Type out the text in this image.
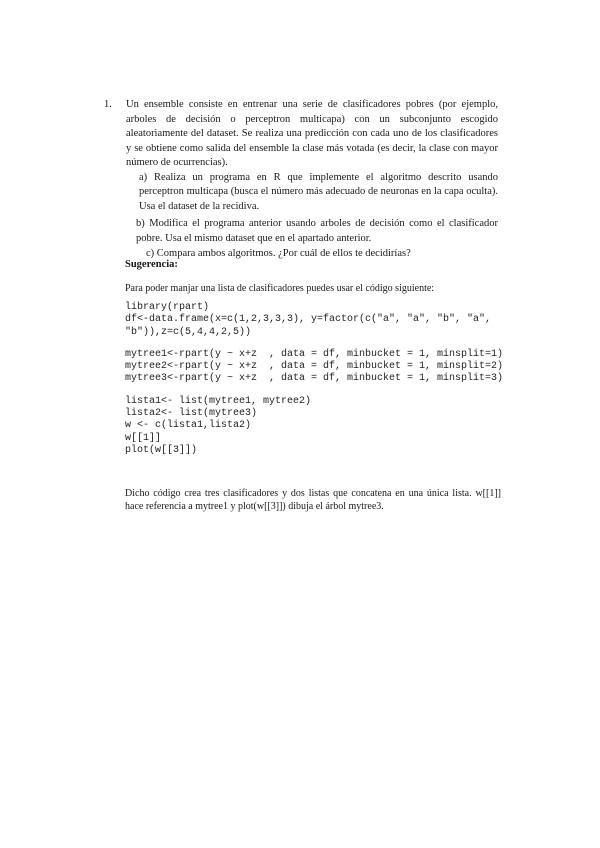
1. Un ensemble consiste en entrenar una serie de clasificadores pobres (por ejemplo, arboles de decisión o perceptron multicapa) con un subconjunto escogido aleatoriamente del dataset. Se realiza una predicción con cada uno de los clasificadores y se obtiene como salida del ensemble la clase más votada (es decir, la clase con mayor número de ocurrencias).
a) Realiza un programa en R que implemente el algoritmo descrito usando perceptron multicapa (busca el número más adecuado de neuronas en la capa oculta). Usa el dataset de la recidiva.
b) Modifica el programa anterior usando arboles de decisión como el clasificador pobre. Usa el mismo dataset que en el apartado anterior.
c) Compara ambos algoritmos. ¿Por cuál de ellos te decidirías?
Sugerencia:
Para poder manjar una lista de clasificadores puedes usar el código siguiente:
library(rpart)
df<-data.frame(x=c(1,2,3,3,3), y=factor(c("a", "a", "b", "a",
"b")),z=c(5,4,4,2,5))
mytree1<-rpart(y ~ x+z  , data = df, minbucket = 1, minsplit=1)
mytree2<-rpart(y ~ x+z  , data = df, minbucket = 1, minsplit=2)
mytree3<-rpart(y ~ x+z  , data = df, minbucket = 1, minsplit=3)
lista1<- list(mytree1, mytree2)
lista2<- list(mytree3)
w <- c(lista1,lista2)
w[[1]]
plot(w[[3]])
Dicho código crea tres clasificadores y dos listas que concatena en una única lista. w[[1]] hace referencia a mytree1 y plot(w[[3]]) dibuja el árbol mytree3.
